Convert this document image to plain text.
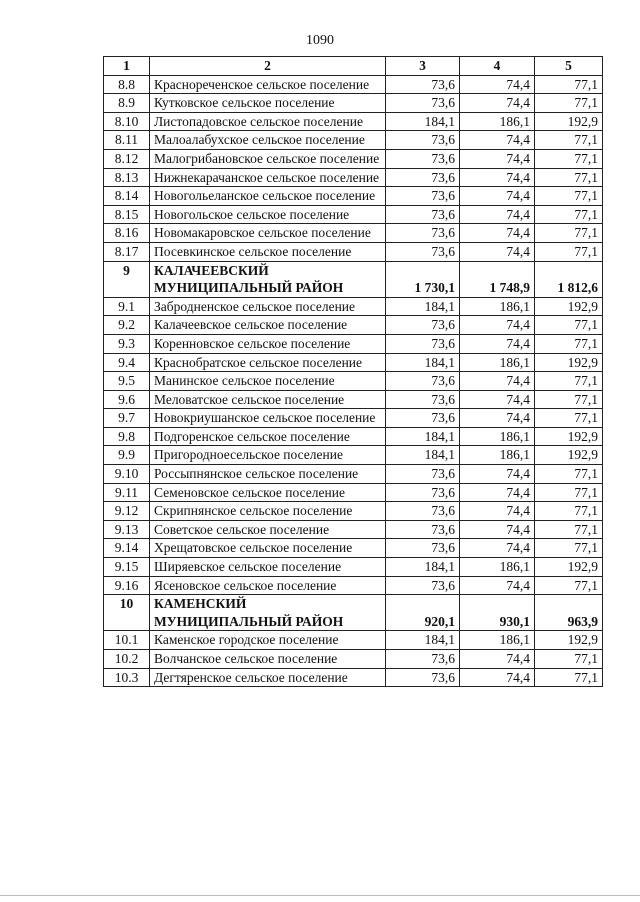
1090
1	2	3	4	5
8.8	Краснореченское сельское поселение	73,6	74,4	77,1
8.9	Кутковское сельское поселение	73,6	74,4	77,1
8.10	Листопадовское сельское поселение	184,1	186,1	192,9
8.11	Малоалабухское сельское поселение	73,6	74,4	77,1
8.12	Малогрибановское сельское поселение	73,6	74,4	77,1
8.13	Нижнекарачанское сельское поселение	73,6	74,4	77,1
8.14	Новогольеланское сельское поселение	73,6	74,4	77,1
8.15	Новогольское сельское поселение	73,6	74,4	77,1
8.16	Новомакаровское сельское поселение	73,6	74,4	77,1
8.17	Посевкинское сельское поселение	73,6	74,4	77,1
9	КАЛАЧЕЕВСКИЙ МУНИЦИПАЛЬНЫЙ РАЙОН	1 730,1	1 748,9	1 812,6
9.1	Забродненское сельское поселение	184,1	186,1	192,9
9.2	Калачеевское сельское поселение	73,6	74,4	77,1
9.3	Коренновское сельское поселение	73,6	74,4	77,1
9.4	Краснобратское сельское поселение	184,1	186,1	192,9
9.5	Манинское сельское поселение	73,6	74,4	77,1
9.6	Меловатское сельское поселение	73,6	74,4	77,1
9.7	Новокриушанское сельское поселение	73,6	74,4	77,1
9.8	Подгоренское сельское поселение	184,1	186,1	192,9
9.9	Пригородноесельское поселение	184,1	186,1	192,9
9.10	Россыпнянское сельское поселение	73,6	74,4	77,1
9.11	Семеновское сельское поселение	73,6	74,4	77,1
9.12	Скрипнянское сельское поселение	73,6	74,4	77,1
9.13	Советское сельское поселение	73,6	74,4	77,1
9.14	Хрещатовское сельское поселение	73,6	74,4	77,1
9.15	Ширяевское сельское поселение	184,1	186,1	192,9
9.16	Ясеновское сельское поселение	73,6	74,4	77,1
10	КАМЕНСКИЙ МУНИЦИПАЛЬНЫЙ РАЙОН	920,1	930,1	963,9
10.1	Каменское городское поселение	184,1	186,1	192,9
10.2	Волчанское сельское поселение	73,6	74,4	77,1
10.3	Дегтяренское сельское поселение	73,6	74,4	77,1
